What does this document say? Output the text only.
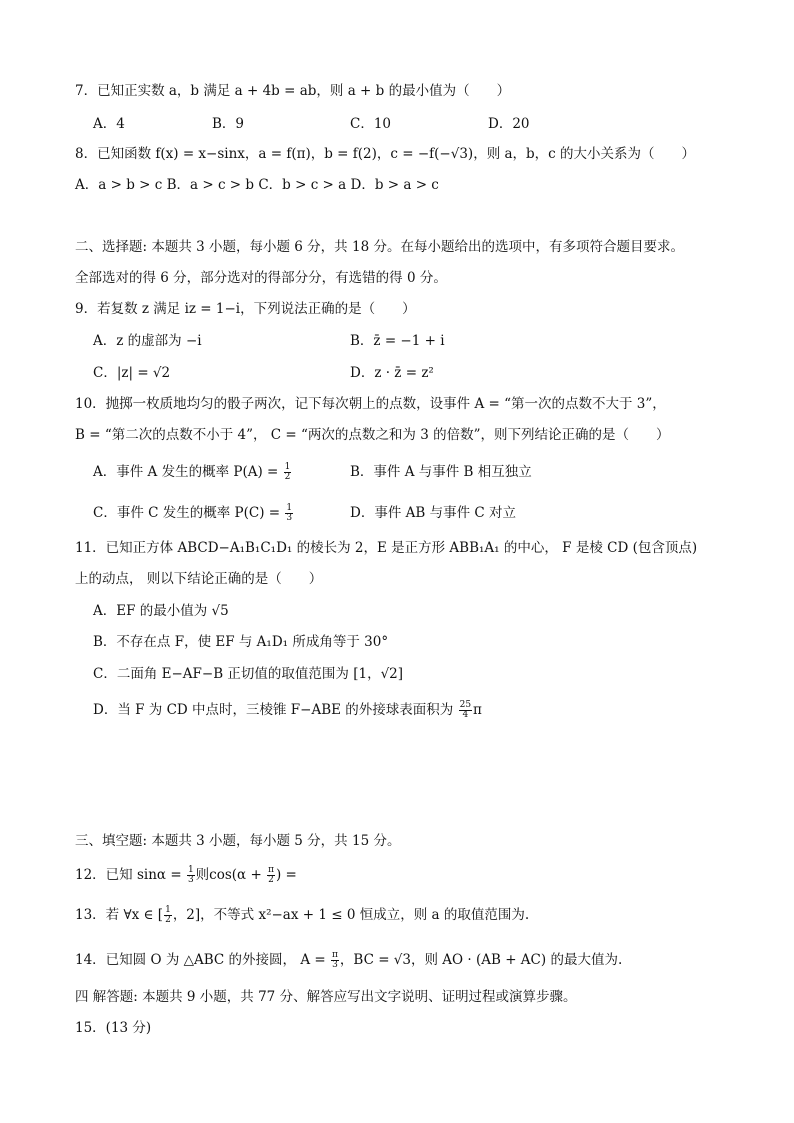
7．已知正实数 a，b 满足 a + 4b = ab，则 a + b 的最小值为（　　）
A．4	B．9	C．10	D．20
8．已知函数 f(x) = x−sinx，a = f(π)，b = f(2)，c = −f(−√3)，则 a，b，c 的大小关系为（　　）
A．a > b > c B．a > c > b C．b > c > a D．b > a > c
二、选择题: 本题共 3 小题，每小题 6 分，共 18 分。在每小题给出的选项中，有多项符合题目要求。
全部选对的得 6 分，部分选对的得部分分，有选错的得 0 分。
9．若复数 z 满足 iz = 1−i，下列说法正确的是（　　）
A．z 的虚部为 −i	B．z̄ = −1 + i
C．|z| = √2	D．z · z̄ = z²
10．抛掷一枚质地均匀的骰子两次，记下每次朝上的点数，设事件 A = “第一次的点数不大于 3”，
B = “第二次的点数不小于 4”， C = “两次的点数之和为 3 的倍数”，则下列结论正确的是（　　）
A．事件 A 发生的概率 $P(A) = \frac{1}{2}$	B．事件 A 与事件 B 相互独立
C．事件 C 发生的概率 $P(C) = \frac{1}{3}$	D．事件 AB 与事件 C 对立
11．已知正方体 ABCD−A₁B₁C₁D₁ 的棱长为 2，E 是正方形 ABB₁A₁ 的中心， F 是棱 CD (包含顶点)
上的动点， 则以下结论正确的是（　　）
A．EF 的最小值为 √5
B．不存在点 F，使 EF 与 A₁D₁ 所成角等于 30°
C．二面角 E−AF−B 正切值的取值范围为 [1，√2]
D．当 F 为 CD 中点时，三棱锥 F−ABE 的外接球表面积为 $\frac{25}{4}$ π
三、填空题: 本题共 3 小题，每小题 5 分，共 15 分。
12．已知 $\sin\alpha = \frac{1}{3}$ 则$\cos(\alpha + \frac{\pi}{2}$ ) =
13．若 ∀x ∈ [ $\frac{1}{2}$ ，2]，不等式 x²−ax + 1 ≤ 0 恒成立，则 a 的取值范围为.
14．已知圆 O 为 △ABC 的外接圆， $A = \frac{\pi}{3}$ ，BC = √3，则 AO · (AB + AC) 的最大值为.
四 解答题: 本题共 9 小题，共 77 分、解答应写出文字说明、证明过程或演算步骤。
15．(13 分)
